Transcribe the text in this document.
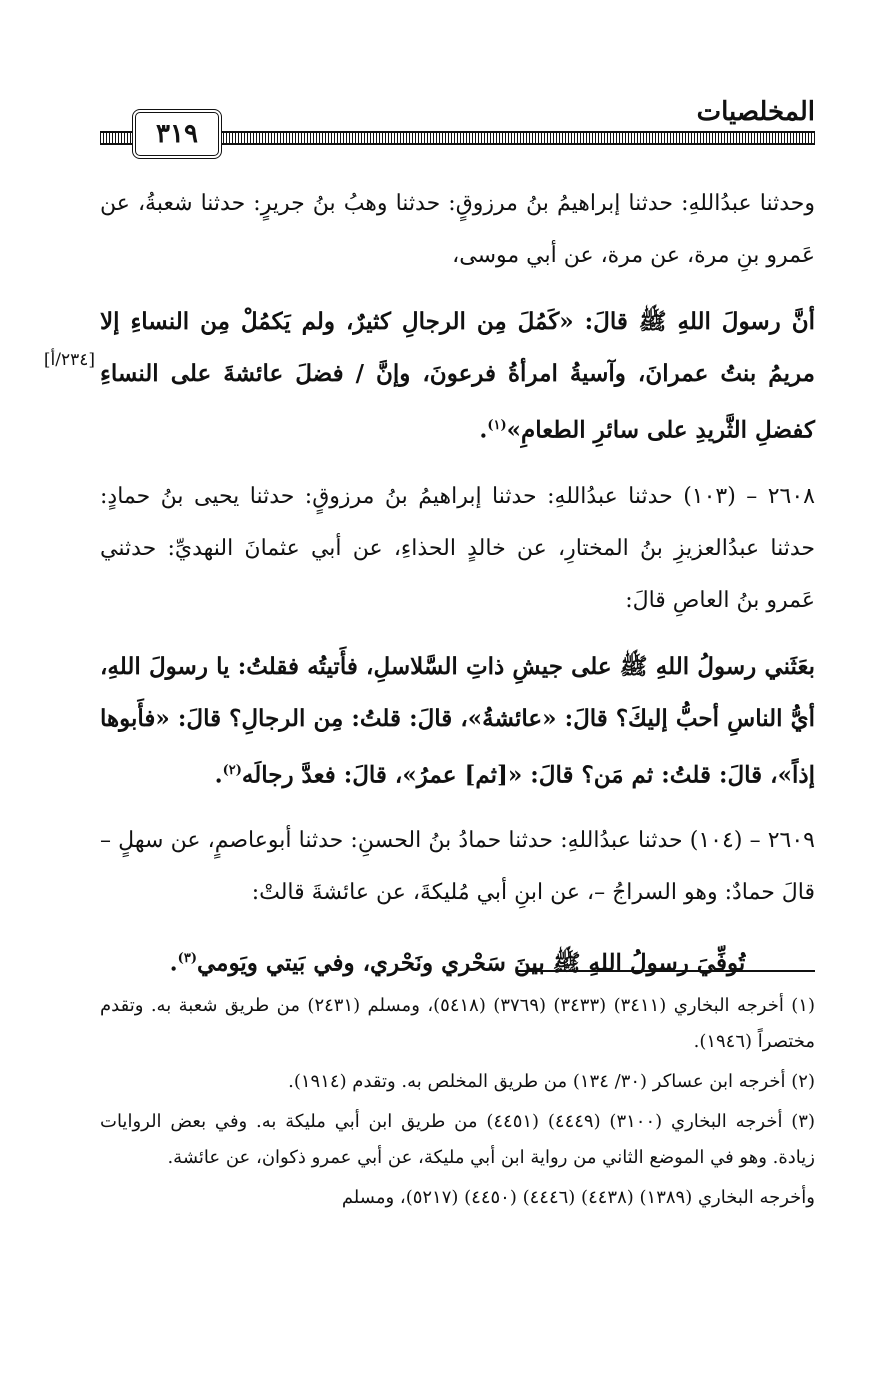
المخلصيات
٣١٩
[٢٣٤/أ]

وحدثنا عبدُاللهِ: حدثنا إبراهيمُ بنُ مرزوقٍ: حدثنا وهبُ بنُ جريرٍ: حدثنا شعبةُ، عن عَمرو بنِ مرة، عن مرة، عن أبي موسى،

أنَّ رسولَ اللهِ ﷺ قالَ: «كَمُلَ مِن الرجالِ كثيرٌ، ولم يَكمُلْ مِن النساءِ إلا مريمُ بنتُ عمرانَ، وآسيةُ امرأةُ فرعونَ، وإنَّ / فضلَ عائشةَ على النساءِ كفضلِ الثَّريدِ على سائرِ الطعامِ»$^{(١)}$.

٢٦٠٨ – (١٠٣) حدثنا عبدُاللهِ: حدثنا إبراهيمُ بنُ مرزوقٍ: حدثنا يحيى بنُ حمادٍ: حدثنا عبدُالعزيزِ بنُ المختارِ، عن خالدٍ الحذاءِ، عن أبي عثمانَ النهديِّ: حدثني عَمرو بنُ العاصِ قالَ:

بعَثَني رسولُ اللهِ ﷺ على جيشِ ذاتِ السَّلاسلِ، فأَتيتُه فقلتُ: يا رسولَ اللهِ، أيُّ الناسِ أحبُّ إليكَ؟ قالَ: «عائشةُ»، قالَ: قلتُ: مِن الرجالِ؟ قالَ: «فأَبوها إذاً»، قالَ: قلتُ: ثم مَن؟ قالَ: «[ثم] عمرُ»، قالَ: فعدَّ رجالَه$^{(٢)}$.

٢٦٠٩ – (١٠٤) حدثنا عبدُاللهِ: حدثنا حمادُ بنُ الحسنِ: حدثنا أبوعاصمٍ، عن سهلٍ – قالَ حمادٌ: وهو السراجُ –، عن ابنِ أبي مُليكةَ، عن عائشةَ قالتْ:

تُوفِّيَ رسولُ اللهِ ﷺ بينَ سَحْري ونَحْري، وفي بَيتي ويَومي$^{(٣)}$.

(١) أخرجه البخاري (٣٤١١) (٣٤٣٣) (٣٧٦٩) (٥٤١٨)، ومسلم (٢٤٣١) من طريق شعبة به. وتقدم مختصراً (١٩٤٦).

(٢) أخرجه ابن عساكر (٣٠/ ١٣٤) من طريق المخلص به. وتقدم (١٩١٤).

(٣) أخرجه البخاري (٣١٠٠) (٤٤٤٩) (٤٤٥١) من طريق ابن أبي مليكة به. وفي بعض الروايات زيادة. وهو في الموضع الثاني من رواية ابن أبي مليكة، عن أبي عمرو ذكوان، عن عائشة.

وأخرجه البخاري (١٣٨٩) (٤٤٣٨) (٤٤٤٦) (٤٤٥٠) (٥٢١٧)، ومسلم
